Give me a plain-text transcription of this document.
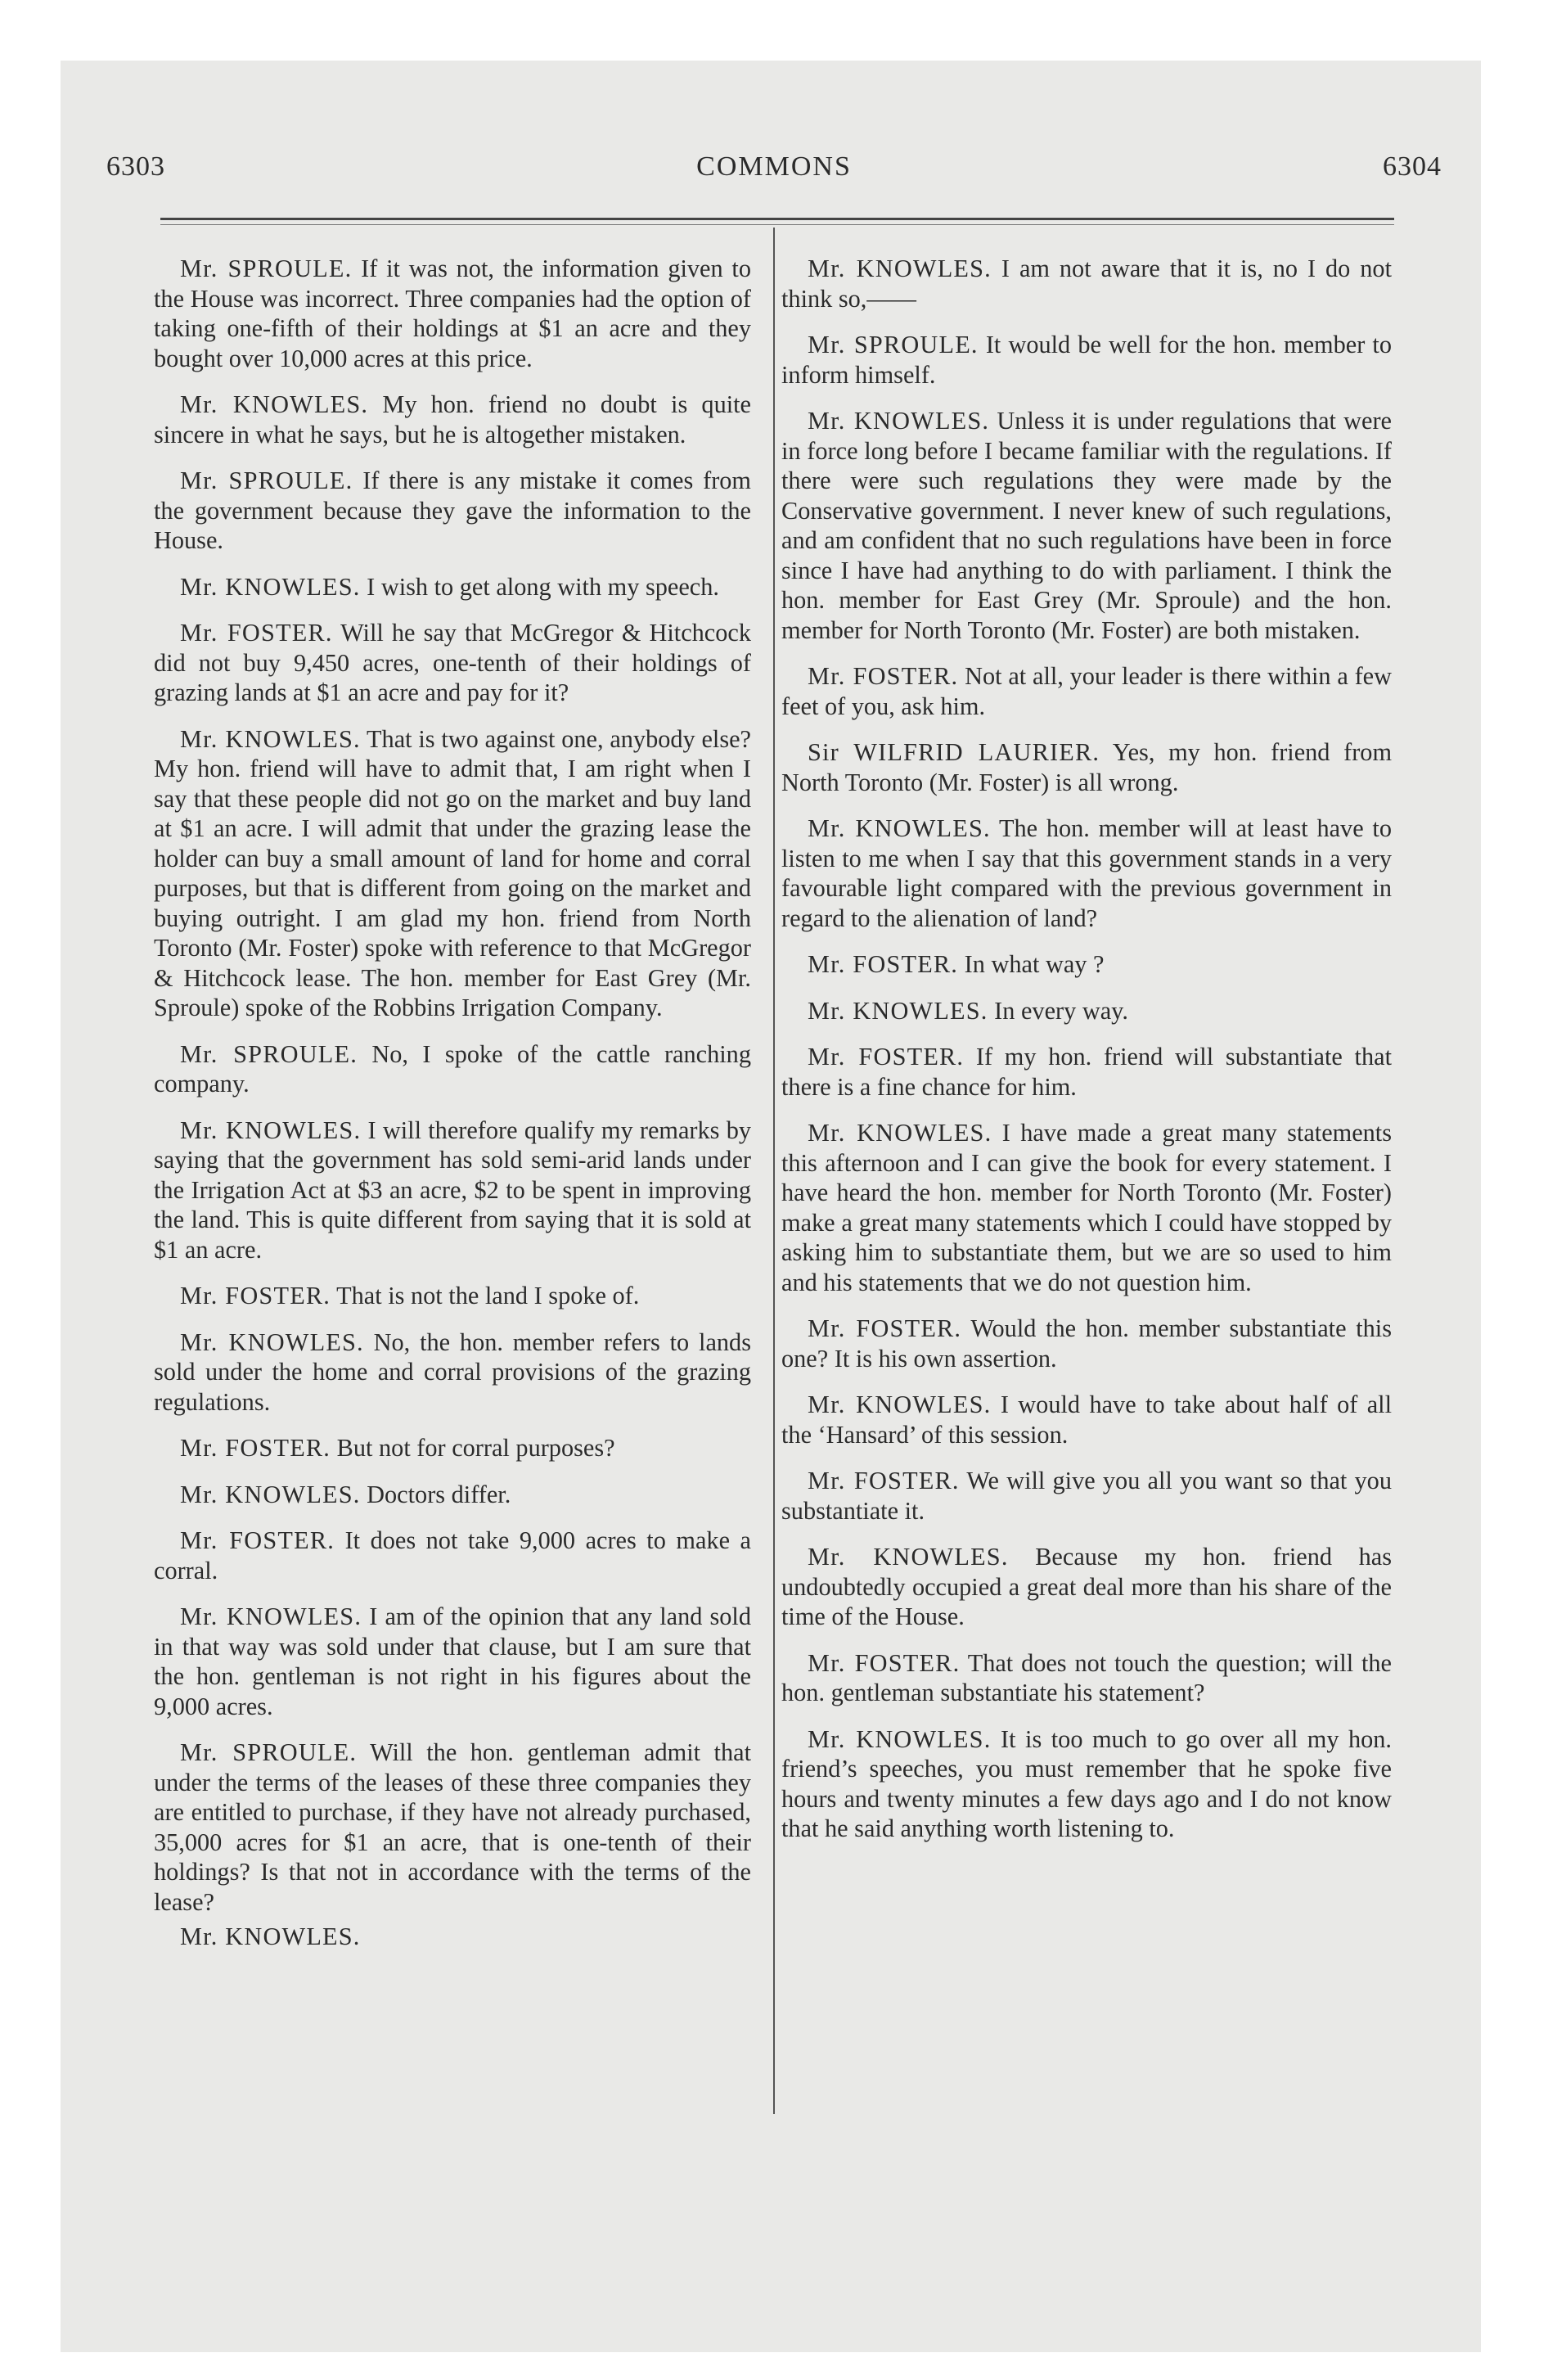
6303	COMMONS	6304

Mr. SPROULE. If it was not, the information given to the House was incorrect. Three companies had the option of taking one-fifth of their holdings at $1 an acre and they bought over 10,000 acres at this price.

Mr. KNOWLES. My hon. friend no doubt is quite sincere in what he says, but he is altogether mistaken.

Mr. SPROULE. If there is any mistake it comes from the government because they gave the information to the House.

Mr. KNOWLES. I wish to get along with my speech.

Mr. FOSTER. Will he say that McGregor & Hitchcock did not buy 9,450 acres, one-tenth of their holdings of grazing lands at $1 an acre and pay for it?

Mr. KNOWLES. That is two against one, anybody else? My hon. friend will have to admit that, I am right when I say that these people did not go on the market and buy land at $1 an acre. I will admit that under the grazing lease the holder can buy a small amount of land for home and corral purposes, but that is different from going on the market and buying outright. I am glad my hon. friend from North Toronto (Mr. Foster) spoke with reference to that McGregor & Hitchcock lease. The hon. member for East Grey (Mr. Sproule) spoke of the Robbins Irrigation Company.

Mr. SPROULE. No, I spoke of the cattle ranching company.

Mr. KNOWLES. I will therefore qualify my remarks by saying that the government has sold semi-arid lands under the Irrigation Act at $3 an acre, $2 to be spent in improving the land. This is quite different from saying that it is sold at $1 an acre.

Mr. FOSTER. That is not the land I spoke of.

Mr. KNOWLES. No, the hon. member refers to lands sold under the home and corral provisions of the grazing regulations.

Mr. FOSTER. But not for corral purposes?

Mr. KNOWLES. Doctors differ.

Mr. FOSTER. It does not take 9,000 acres to make a corral.

Mr. KNOWLES. I am of the opinion that any land sold in that way was sold under that clause, but I am sure that the hon. gentleman is not right in his figures about the 9,000 acres.

Mr. SPROULE. Will the hon. gentleman admit that under the terms of the leases of these three companies they are entitled to purchase, if they have not already purchased, 35,000 acres for $1 an acre, that is one-tenth of their holdings? Is that not in accordance with the terms of the lease?

Mr. KNOWLES.

Mr. KNOWLES. I am not aware that it is, no I do not think so,——

Mr. SPROULE. It would be well for the hon. member to inform himself.

Mr. KNOWLES. Unless it is under regulations that were in force long before I became familiar with the regulations. If there were such regulations they were made by the Conservative government. I never knew of such regulations, and am confident that no such regulations have been in force since I have had anything to do with parliament. I think the hon. member for East Grey (Mr. Sproule) and the hon. member for North Toronto (Mr. Foster) are both mistaken.

Mr. FOSTER. Not at all, your leader is there within a few feet of you, ask him.

Sir WILFRID LAURIER. Yes, my hon. friend from North Toronto (Mr. Foster) is all wrong.

Mr. KNOWLES. The hon. member will at least have to listen to me when I say that this government stands in a very favourable light compared with the previous government in regard to the alienation of land?

Mr. FOSTER. In what way ?

Mr. KNOWLES. In every way.

Mr. FOSTER. If my hon. friend will substantiate that there is a fine chance for him.

Mr. KNOWLES. I have made a great many statements this afternoon and I can give the book for every statement. I have heard the hon. member for North Toronto (Mr. Foster) make a great many statements which I could have stopped by asking him to substantiate them, but we are so used to him and his statements that we do not question him.

Mr. FOSTER. Would the hon. member substantiate this one? It is his own assertion.

Mr. KNOWLES. I would have to take about half of all the ‘Hansard’ of this session.

Mr. FOSTER. We will give you all you want so that you substantiate it.

Mr. KNOWLES. Because my hon. friend has undoubtedly occupied a great deal more than his share of the time of the House.

Mr. FOSTER. That does not touch the question; will the hon. gentleman substantiate his statement?

Mr. KNOWLES. It is too much to go over all my hon. friend’s speeches, you must remember that he spoke five hours and twenty minutes a few days ago and I do not know that he said anything worth listening to.
